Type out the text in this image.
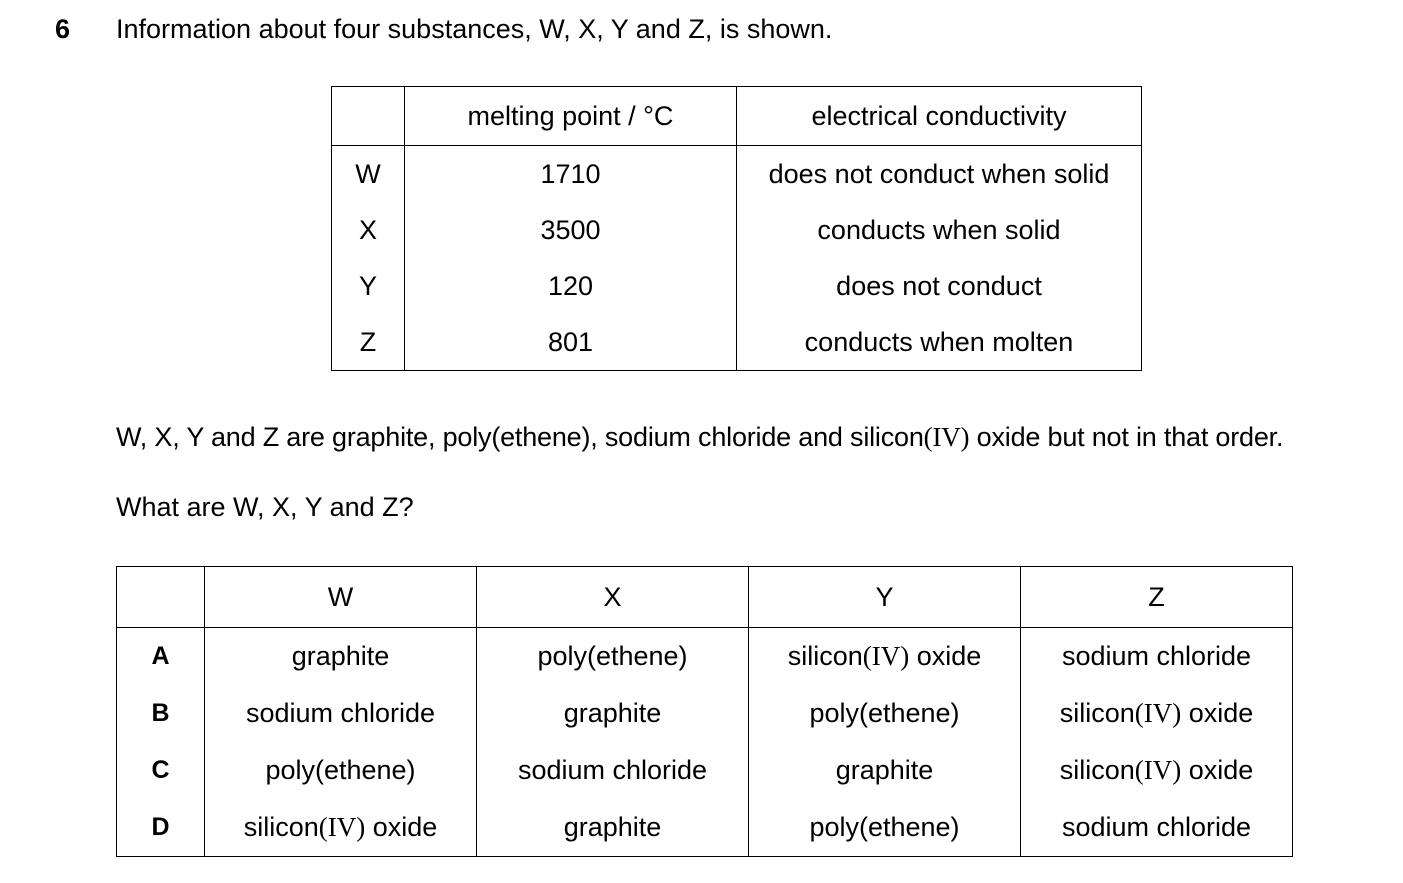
6 Information about four substances, W, X, Y and Z, is shown.
	melting point / °C	electrical conductivity
W	1710	does not conduct when solid
X	3500	conducts when solid
Y	120	does not conduct
Z	801	conducts when molten
W, X, Y and Z are graphite, poly(ethene), sodium chloride and silicon(IV) oxide but not in that order.
What are W, X, Y and Z?
	W	X	Y	Z
A	graphite	poly(ethene)	silicon(IV) oxide	sodium chloride
B	sodium chloride	graphite	poly(ethene)	silicon(IV) oxide
C	poly(ethene)	sodium chloride	graphite	silicon(IV) oxide
D	silicon(IV) oxide	graphite	poly(ethene)	sodium chloride
